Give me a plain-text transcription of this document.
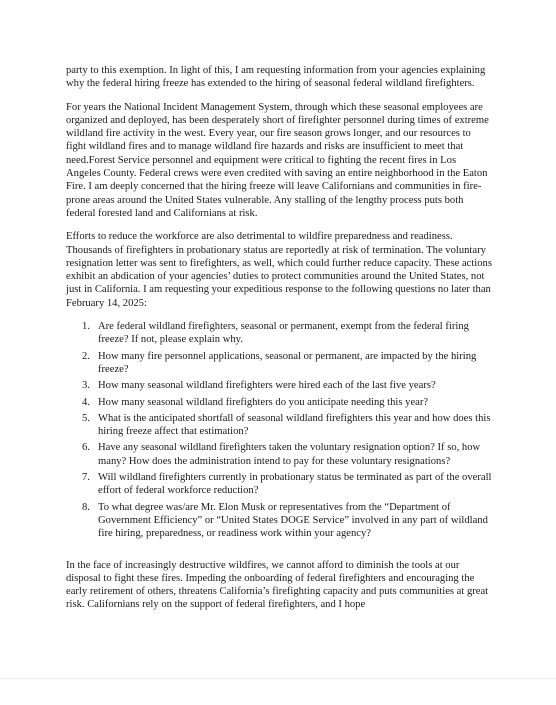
party to this exemption. In light of this, I am requesting information from your agencies explaining why the federal hiring freeze has extended to the hiring of seasonal federal wildland firefighters.

For years the National Incident Management System, through which these seasonal employees are organized and deployed, has been desperately short of firefighter personnel during times of extreme wildland fire activity in the west. Every year, our fire season grows longer, and our resources to fight wildland fires and to manage wildland fire hazards and risks are insufficient to meet that need.Forest Service personnel and equipment were critical to fighting the recent fires in Los Angeles County. Federal crews were even credited with saving an entire neighborhood in the Eaton Fire. I am deeply concerned that the hiring freeze will leave Californians and communities in fire-prone areas around the United States vulnerable. Any stalling of the lengthy process puts both federal forested land and Californians at risk.

Efforts to reduce the workforce are also detrimental to wildfire preparedness and readiness. Thousands of firefighters in probationary status are reportedly at risk of termination. The voluntary resignation letter was sent to firefighters, as well, which could further reduce capacity. These actions exhibit an abdication of your agencies’ duties to protect communities around the United States, not just in California. I am requesting your expeditious response to the following questions no later than February 14, 2025:

1. Are federal wildland firefighters, seasonal or permanent, exempt from the federal firing freeze? If not, please explain why.
2. How many fire personnel applications, seasonal or permanent, are impacted by the hiring freeze?
3. How many seasonal wildland firefighters were hired each of the last five years?
4. How many seasonal wildland firefighters do you anticipate needing this year?
5. What is the anticipated shortfall of seasonal wildland firefighters this year and how does this hiring freeze affect that estimation?
6. Have any seasonal wildland firefighters taken the voluntary resignation option? If so, how many? How does the administration intend to pay for these voluntary resignations?
7. Will wildland firefighters currently in probationary status be terminated as part of the overall effort of federal workforce reduction?
8. To what degree was/are Mr. Elon Musk or representatives from the “Department of Government Efficiency” or “United States DOGE Service” involved in any part of wildland fire hiring, preparedness, or readiness work within your agency?

In the face of increasingly destructive wildfires, we cannot afford to diminish the tools at our disposal to fight these fires. Impeding the onboarding of federal firefighters and encouraging the early retirement of others, threatens California’s firefighting capacity and puts communities at great risk. Californians rely on the support of federal firefighters, and I hope
